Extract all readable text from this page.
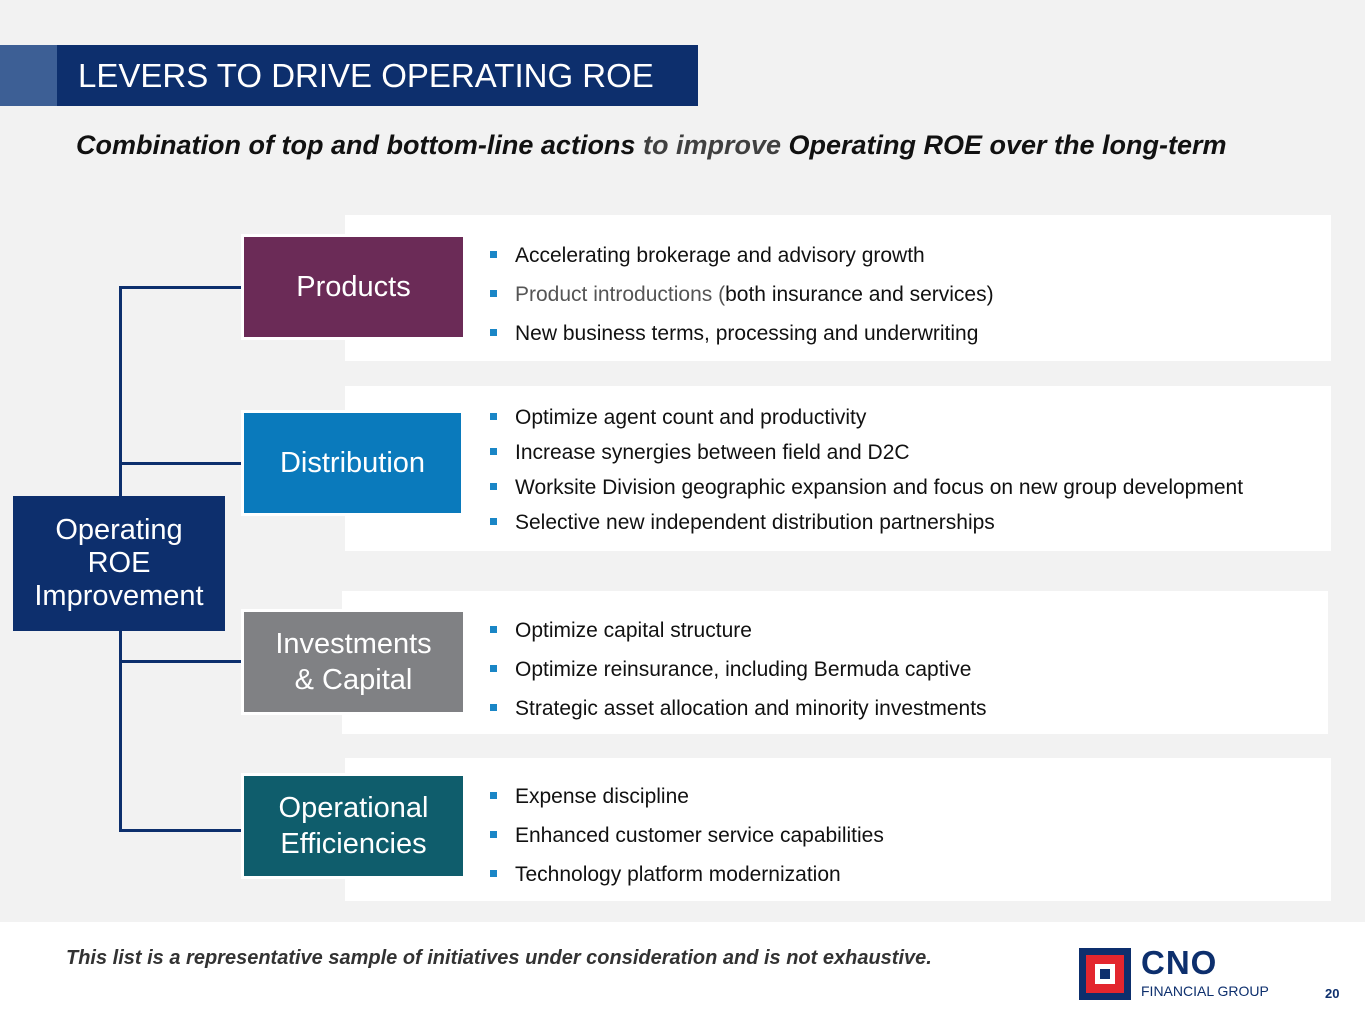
LEVERS TO DRIVE OPERATING ROE
Combination of top and bottom-line actions to improve Operating ROE over the long-term
Operating
ROE
Improvement
Products
Distribution
Investments
& Capital
Operational
Efficiencies
Accelerating brokerage and advisory growth
Product introductions (both insurance and services)
New business terms, processing and underwriting
Optimize agent count and productivity
Increase synergies between field and D2C
Worksite Division geographic expansion and focus on new group development
Selective new independent distribution partnerships
Optimize capital structure
Optimize reinsurance, including Bermuda captive
Strategic asset allocation and minority investments
Expense discipline
Enhanced customer service capabilities
Technology platform modernization
This list is a representative sample of initiatives under consideration and is not exhaustive.	CNO
FINANCIAL GROUP	20
